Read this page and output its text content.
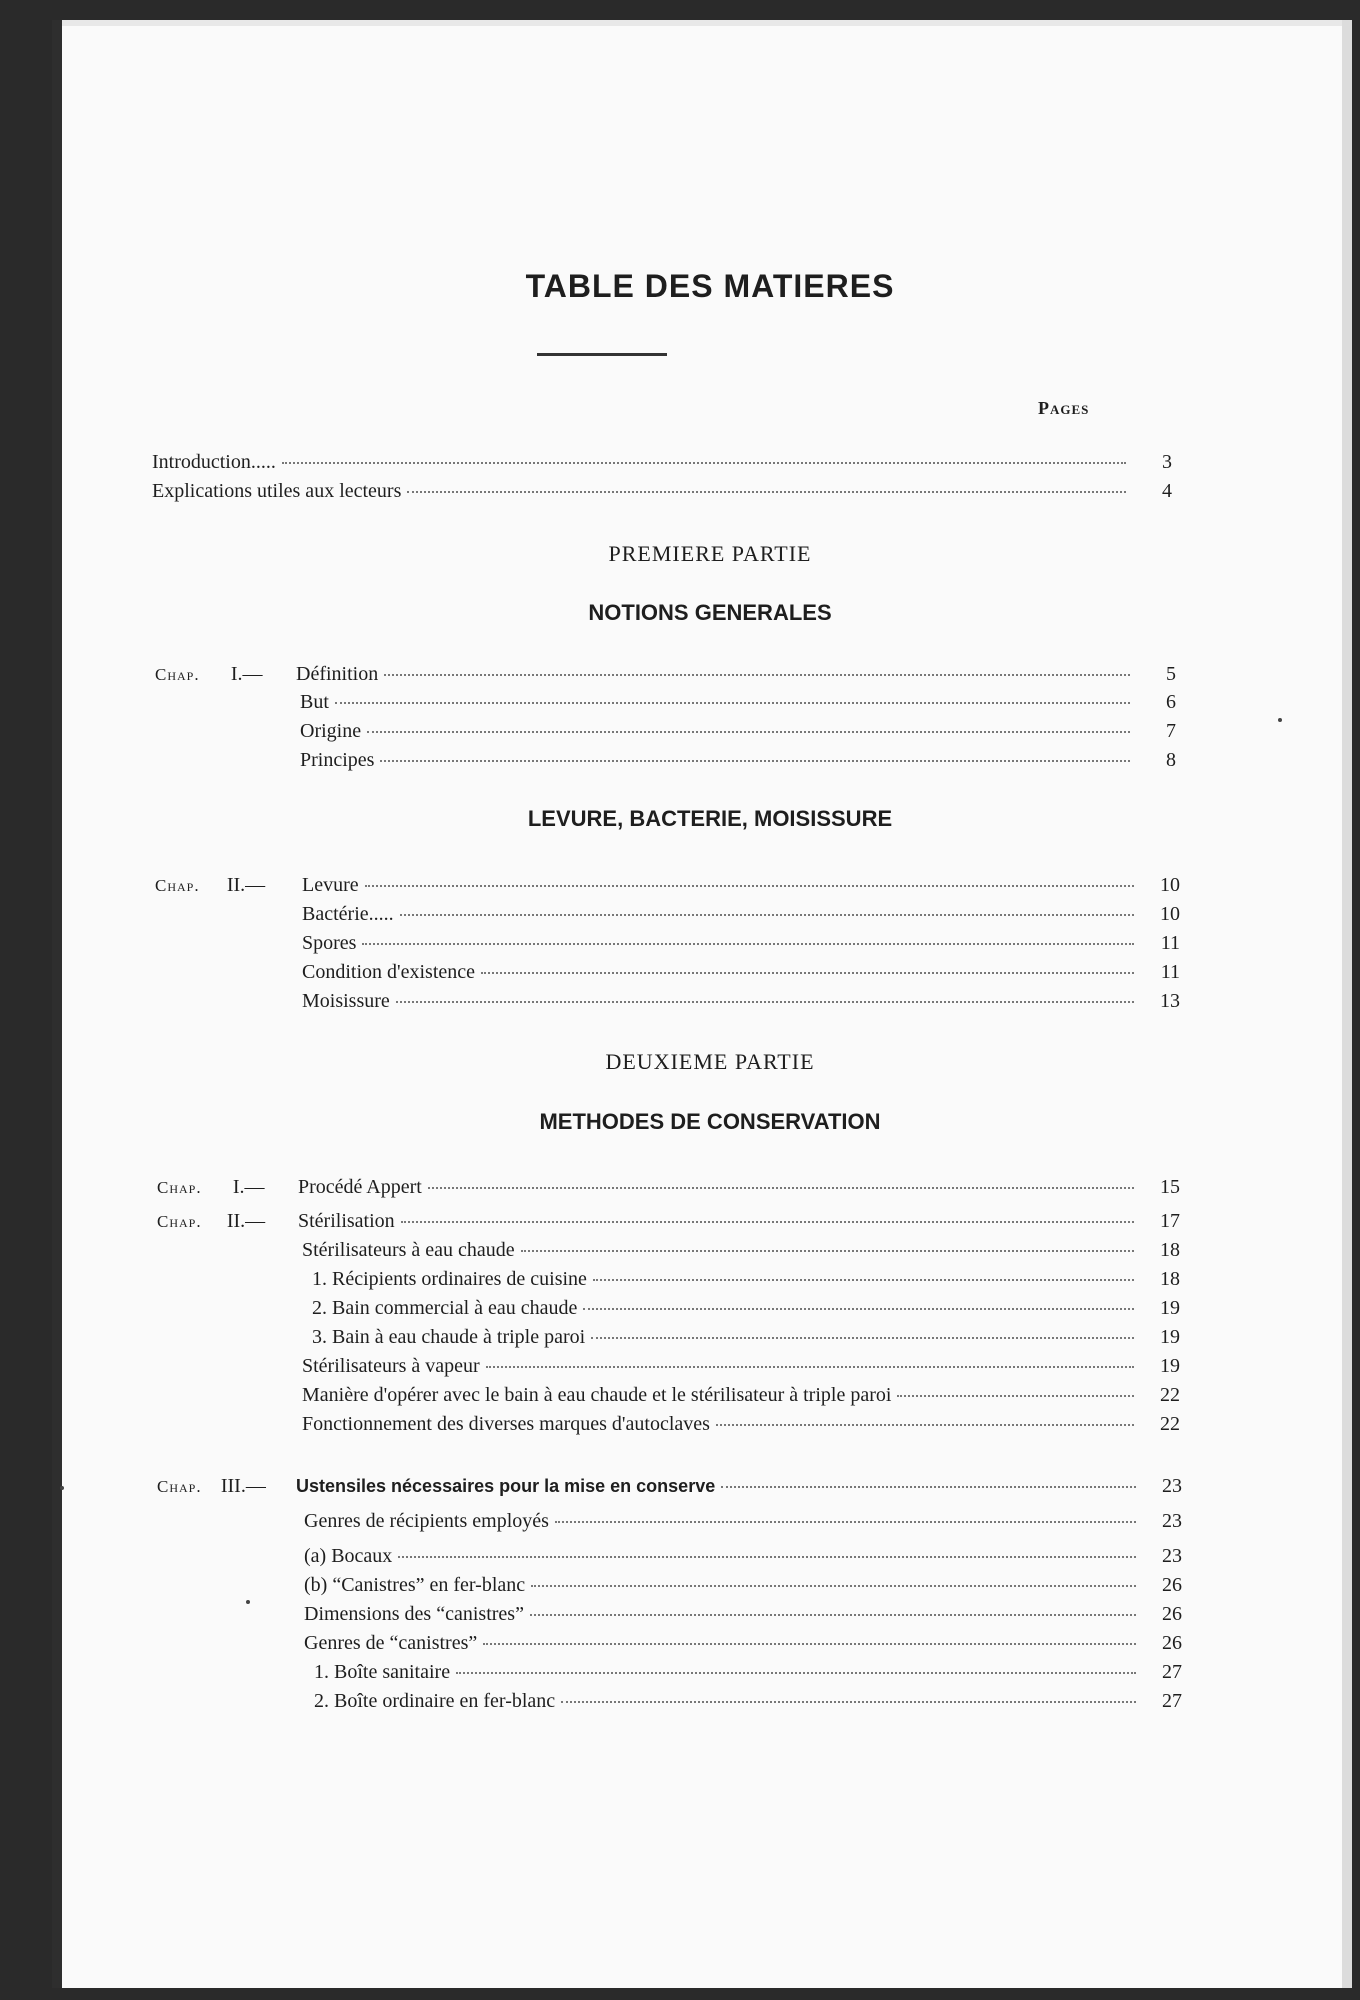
TABLE DES MATIERES
Pages
Introduction.....	3
Explications utiles aux lecteurs	4
PREMIERE PARTIE
NOTIONS GENERALES
Chap. I.— Définition	5
But	6
Origine	7
Principes	8
LEVURE, BACTERIE, MOISISSURE
Chap. II.— Levure	10
Bactérie.....	10
Spores	11
Condition d'existence	11
Moisissure	13
DEUXIEME PARTIE
METHODES DE CONSERVATION
Chap. I.— Procédé Appert	15
Chap. II.— Stérilisation	17
Stérilisateurs à eau chaude	18
1. Récipients ordinaires de cuisine	18
2. Bain commercial à eau chaude	19
3. Bain à eau chaude à triple paroi	19
Stérilisateurs à vapeur	19
Manière d'opérer avec le bain à eau chaude et le stérilisateur à triple paroi	22
Fonctionnement des diverses marques d'autoclaves	22
Chap. III.— Ustensiles nécessaires pour la mise en conserve	23
Genres de récipients employés	23
(a) Bocaux	23
(b) “Canistres” en fer-blanc	26
Dimensions des “canistres”	26
Genres de “canistres”	26
1. Boîte sanitaire	27
2. Boîte ordinaire en fer-blanc	27
